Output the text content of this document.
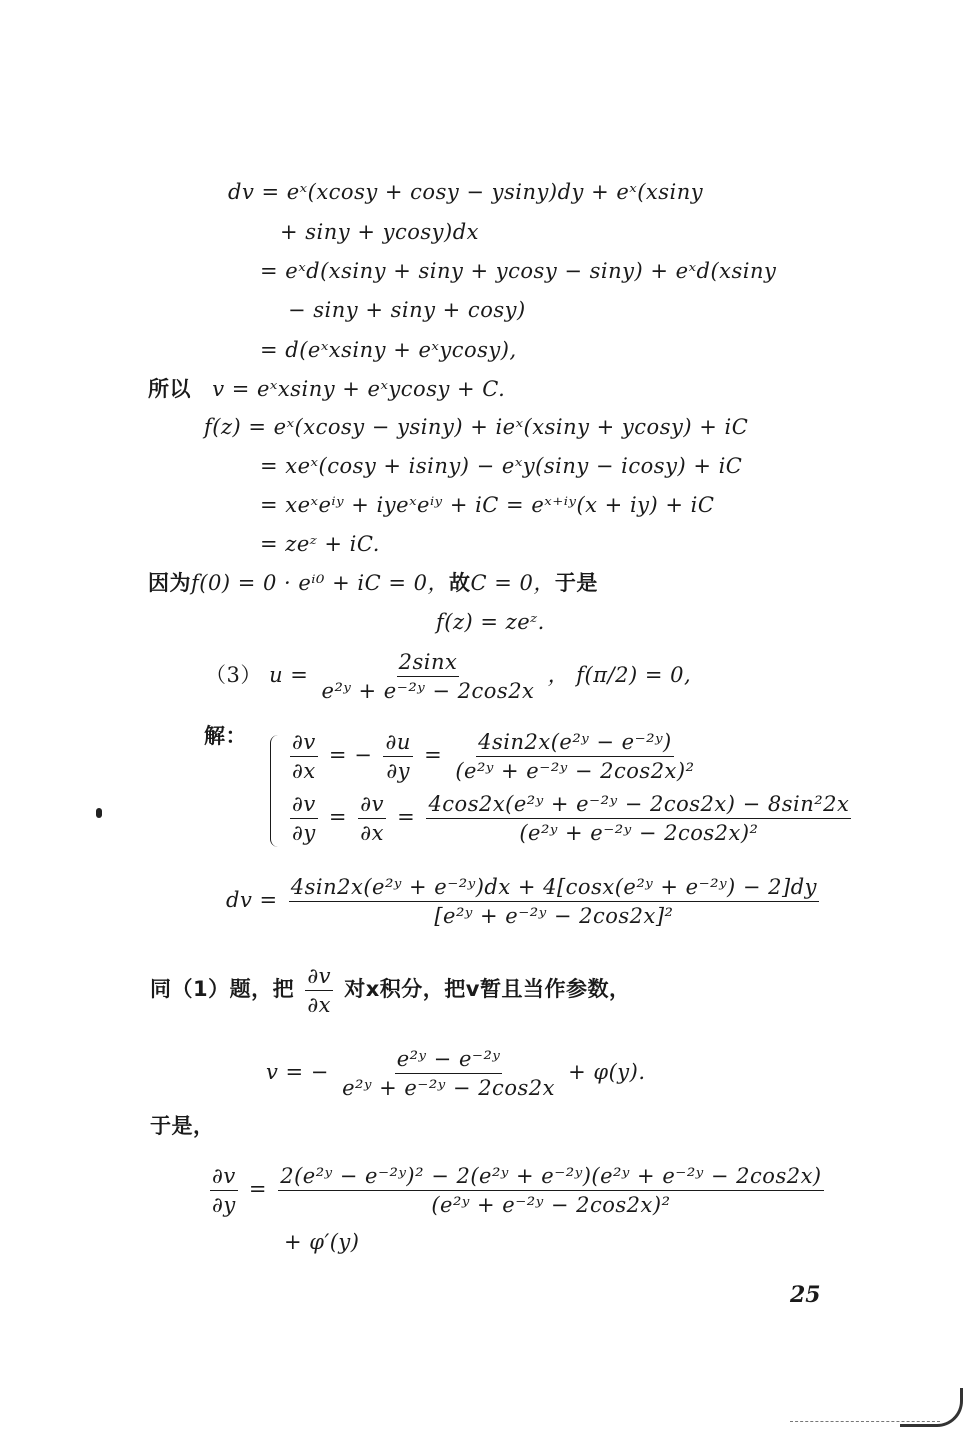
dv = eˣ(xcosy + cosy − ysiny)dy + eˣ(xsiny
+ siny + ycosy)dx
= eˣd(xsiny + siny + ycosy − siny) + eˣd(xsiny
− siny + siny + cosy)
= d(eˣxsiny + eˣycosy),
所以 v = eˣxsiny + eˣycosy + C.
f(z) = eˣ(xcosy − ysiny) + ieˣ(xsiny + ycosy) + iC
= xeˣ(cosy + isiny) − eˣy(siny − icosy) + iC
= xeˣeⁱʸ + iyeˣeⁱʸ + iC = eˣ⁺ⁱʸ(x + iy) + iC
= zeᶻ + iC.
因为f(0) = 0 · eⁱ⁰ + iC = 0，故C = 0，于是
f(z) = zeᶻ.
（3） $u = \frac{2\sin x}{\text{e²ʸ + e⁻²ʸ − 2cos2x}}$ ， f(π/2) = 0,
解： $\frac{\partial v}{\partial x}$ = − $\frac{\partial u}{\partial y} = \frac{\text{4sin2x(e²ʸ − e⁻²ʸ)}}{\text{(e²ʸ + e⁻²ʸ − 2cos2x)²}}$
$\frac{\partial v}{\partial y} = \frac{\partial v}{\partial x} = \frac{\text{4cos2x(e²ʸ + e⁻²ʸ − 2cos2x) − 8sin²2x}}{\text{(e²ʸ + e⁻²ʸ − 2cos2x)²}}$
dv = $\frac{\text{4sin2x(e²ʸ + e⁻²ʸ)dx + 4[cosx(e²ʸ + e⁻²ʸ) − 2]dy}}{\text{[e²ʸ + e⁻²ʸ − 2cos2x]²}}$
同（1）题，把 $\frac{\partial v}{\partial x}$ 对x积分，把v暂且当作参数，
v = − $\frac{\text{e²ʸ − e⁻²ʸ}}{\text{e²ʸ + e⁻²ʸ − 2cos2x}} + \varphi(y)$.
于是，
$\frac{\partial v}{\partial y} = \frac{\text{2(e²ʸ − e⁻²ʸ)² − 2(e²ʸ + e⁻²ʸ)(e²ʸ + e⁻²ʸ − 2cos2x)}}{\text{(e²ʸ + e⁻²ʸ − 2cos2x)²}}$
+ φ′(y)
25
